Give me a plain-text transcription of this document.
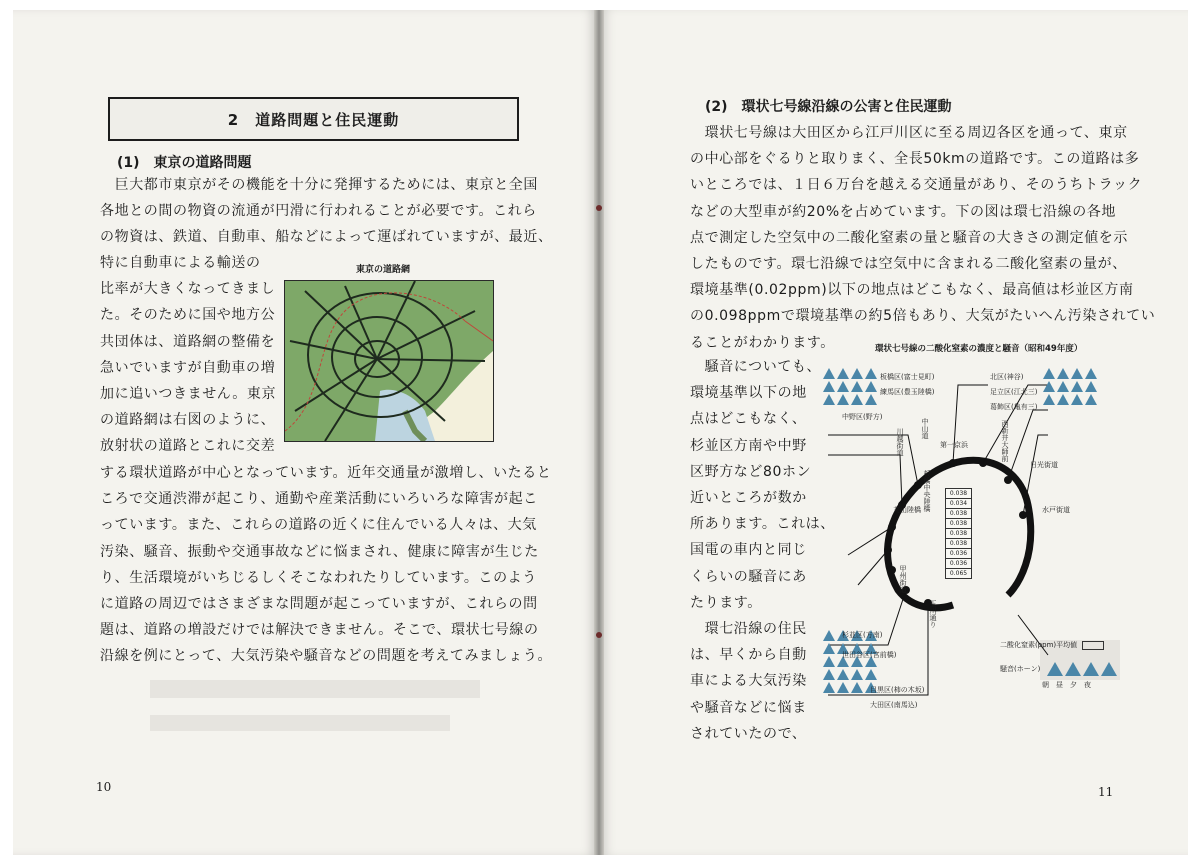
2　道路問題と住民運動
(1)　東京の道路問題
　巨大都市東京がその機能を十分に発揮するためには、東京と全国
各地との間の物資の流通が円滑に行われることが必要です。これら
の物資は、鉄道、自動車、船などによって運ばれていますが、最近、
特に自動車による輸送の
比率が大きくなってきまし
た。そのために国や地方公
共団体は、道路網の整備を
急いでいますが自動車の増
加に追いつきません。東京
の道路網は右図のように、
放射状の道路とこれに交差
する環状道路が中心となっています。近年交通量が激増し、いたると
ころで交通渋滞が起こり、通勤や産業活動にいろいろな障害が起こ
っています。また、これらの道路の近くに住んでいる人々は、大気
汚染、騒音、振動や交通事故などに悩まされ、健康に障害が生じた
り、生活環境がいちじるしくそこなわれたりしています。このよう
に道路の周辺ではさまざまな問題が起こっていますが、これらの問
題は、道路の増設だけでは解決できません。そこで、環状七号線の
沿線を例にとって、大気汚染や騒音などの問題を考えてみましょう。
東京の道路網
10
(2)　環状七号線沿線の公害と住民運動
　環状七号線は大田区から江戸川区に至る周辺各区を通って、東京
の中心部をぐるりと取りまく、全長50kmの道路です。この道路は多
いところでは、１日６万台を越える交通量があり、そのうちトラック
などの大型車が約20%を占めています。下の図は環七沿線の各地
点で測定した空気中の二酸化窒素の量と騒音の大きさの測定値を示
したものです。環七沿線では空気中に含まれる二酸化窒素の量が、
環境基準(0.02ppm)以下の地点はどこもなく、最高値は杉並区方南
の0.098ppmで環境基準の約5倍もあり、大気がたいへん汚染されてい
ることがわかります。
　騒音についても、
環境基準以下の地
点はどこもなく、
杉並区方南や中野
区野方など80ホン
近いところが数か
所あります。これは、
国電の車内と同じ
くらいの騒音にあ
たります。
　環七沿線の住民
は、早くから自動
車による大気汚染
や騒音などに悩ま
されていたので、
環状七号線の二酸化窒素の濃度と騒音（昭和49年度）
板橋区(富士見町)
練馬区(豊玉陸橋)
中野区(野方)
北区(神谷)
足立区(江北三)
葛飾区(亀有三)
杉並区(方南)
世田谷区(宮前橋)
目黒区(柿の木坂)
大田区(南馬込)
川越街道 中山道
板橋中央陸橋
日光街道
水戸街道
丸山陸橋
西新井大師前
甲州街道
玉川通り
第一京浜
0.038
0.034
0.038
0.038
0.038
0.038
0.036
0.036
0.065
二酸化窒素(ppm)平均値
騒音(ホーン)
朝　昼　夕　夜
11
